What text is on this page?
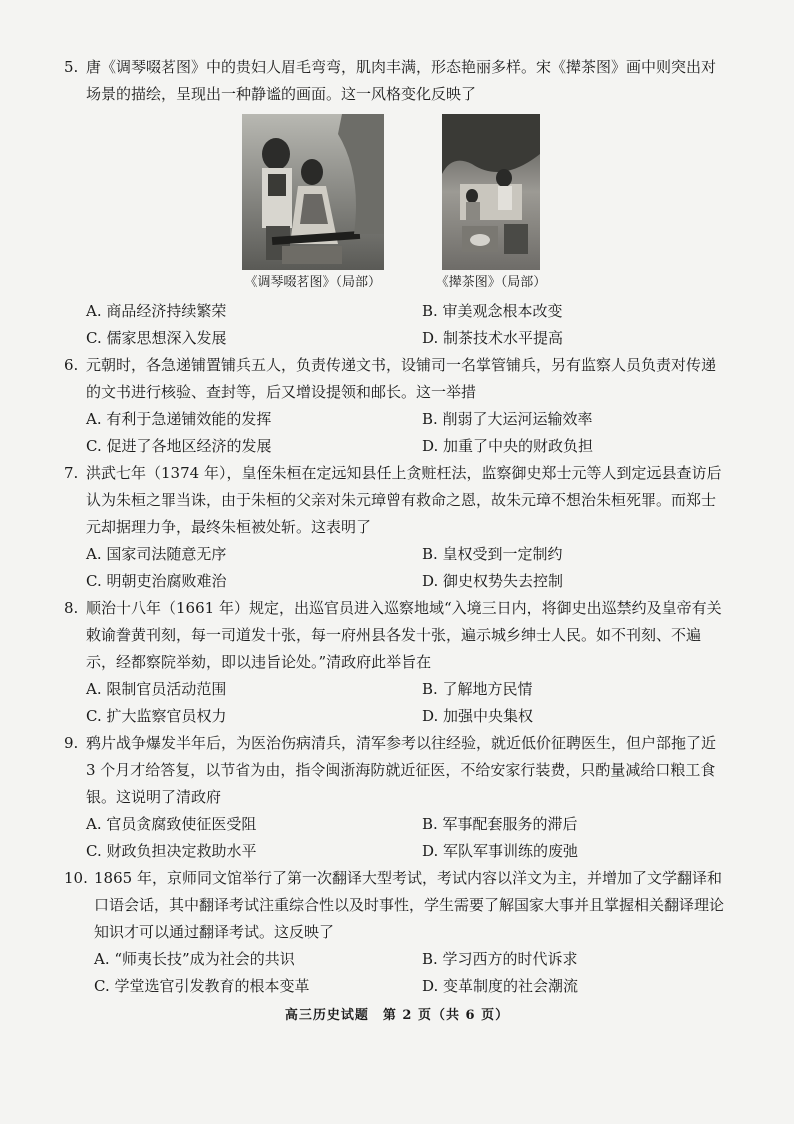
5. 唐《调琴啜茗图》中的贵妇人眉毛弯弯，肌肉丰满，形态艳丽多样。宋《撵茶图》画中则突出对场景的描绘，呈现出一种静谧的画面。这一风格变化反映了
《调琴啜茗图》（局部）	《撵茶图》（局部）
A. 商品经济持续繁荣	B. 审美观念根本改变
C. 儒家思想深入发展	D. 制茶技术水平提高
6. 元朝时，各急递铺置铺兵五人，负责传递文书，设铺司一名掌管铺兵，另有监察人员负责对传递的文书进行核验、查封等，后又增设提领和邮长。这一举措
A. 有利于急递铺效能的发挥	B. 削弱了大运河运输效率
C. 促进了各地区经济的发展	D. 加重了中央的财政负担
7. 洪武七年（1374 年），皇侄朱桓在定远知县任上贪赃枉法，监察御史郑士元等人到定远县查访后认为朱桓之罪当诛，由于朱桓的父亲对朱元璋曾有救命之恩，故朱元璋不想治朱桓死罪。而郑士元却据理力争，最终朱桓被处斩。这表明了
A. 国家司法随意无序	B. 皇权受到一定制约
C. 明朝吏治腐败难治	D. 御史权势失去控制
8. 顺治十八年（1661 年）规定，出巡官员进入巡察地域“入境三日内，将御史出巡禁约及皇帝有关敕谕誊黄刊刻，每一司道发十张，每一府州县各发十张，遍示城乡绅士人民。如不刊刻、不遍示，经都察院举劾，即以违旨论处。”清政府此举旨在
A. 限制官员活动范围	B. 了解地方民情
C. 扩大监察官员权力	D. 加强中央集权
9. 鸦片战争爆发半年后，为医治伤病清兵，清军参考以往经验，就近低价征聘医生，但户部拖了近 3 个月才给答复，以节省为由，指令闽浙海防就近征医，不给安家行装费，只酌量减给口粮工食银。这说明了清政府
A. 官员贪腐致使征医受阻	B. 军事配套服务的滞后
C. 财政负担决定救助水平	D. 军队军事训练的废弛
10. 1865 年，京师同文馆举行了第一次翻译大型考试，考试内容以洋文为主，并增加了文学翻译和口语会话，其中翻译考试注重综合性以及时事性，学生需要了解国家大事并且掌握相关翻译理论知识才可以通过翻译考试。这反映了
A. “师夷长技”成为社会的共识	B. 学习西方的时代诉求
C. 学堂选官引发教育的根本变革	D. 变革制度的社会潮流
高三历史试题　第 2 页（共 6 页）
